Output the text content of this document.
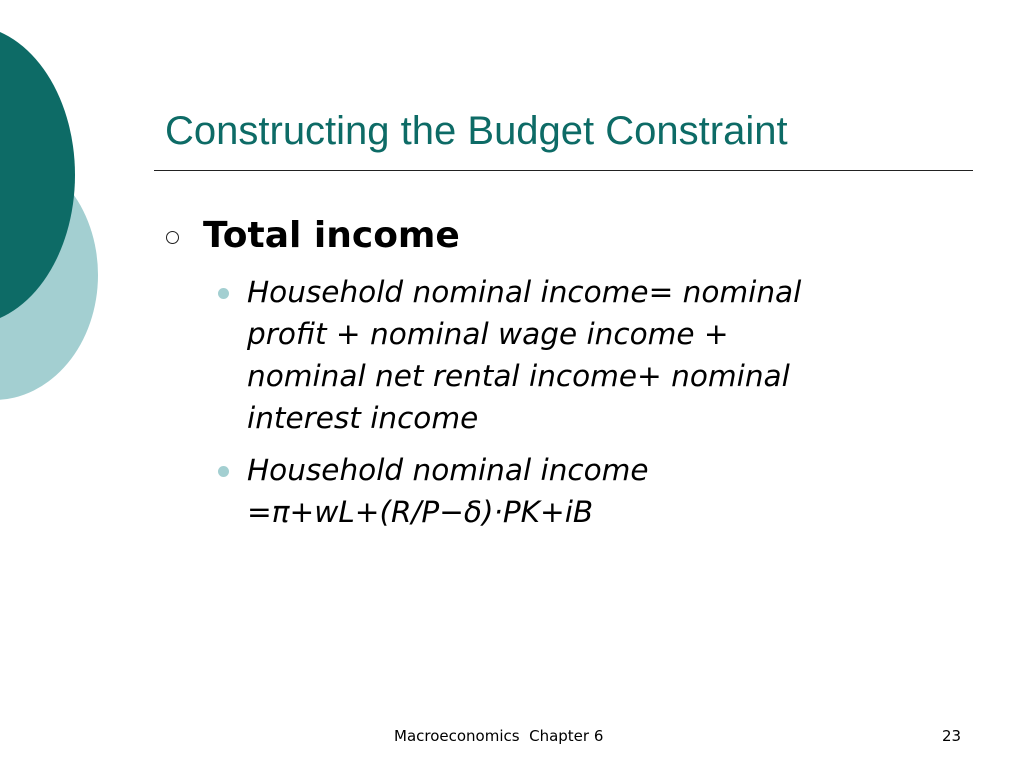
Constructing the Budget Constraint
Total income
Household nominal income= nominal
profit + nominal wage income +
nominal net rental income+ nominal
interest income
Household nominal income
=π+wL+(R/P−δ)·PK+iB
Macroeconomics  Chapter 6	23
